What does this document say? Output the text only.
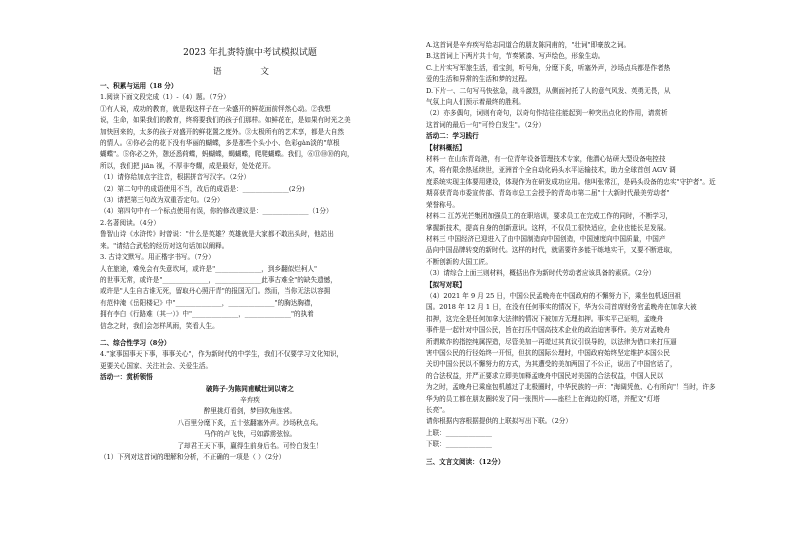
2023 年扎赉特旗中考试模拟试题
语 文

一、积累与运用（18 分）

1.阅读下面文段完成（1）-（4）题。（7分）

①有人说，成功的教育，就是栽这样子在一朵盛开的鲜花面前怦然心动。②我想

说，生命，如果我们的教育，终将要我们的孩子们那样。如鲜花在，是如果有时光之美

加快回来的，太多的孩子对盛开的鲜花置之度外。③太极所有的艺术享，都是大自然

的情人。④你必会的花下没有华丽的蝴蝶，多是那些个头小小、色彩ɡàn淡的"草根

蝴蝶"。⑤你必之外，憩还悉荷蝶，蚂蝴蝶，蝎蝴蝶，爬爬蝴蝶。我们，⑥⑪⑩⑩的向，

所以，我们把 jiān 视，不厚非夸耀，成是最好，处处花开。

（1）请你给加点字注音，根据拼音写汉字。（2分）

（2）第二句中的成语使用不当，改后的成语是：______________(2分)

（3）请把第三句改为双重否定句。（2分）

（4）第四句中有一个标点使用有误，你的修改建议是：______________（1分）

2.名著阅读。（4分）

鲁智山诗《水浒传》时曾说："什么是英雄？英雄就是大家都不敢出头时，他站出

来。"请结合武松的经历对这句话加以阐释。

3. 古诗文默写。用正楷字书写。（7分）

人在旅途，难免会有失意坎坷，或许是"______________，到乡翻似烂柯人"

的世事无常，或许是"______________，______________此事古难全"的缺失遗憾，

或许是"人生自古谁无死，留取丹心照汗青"的报国无门。然而，当你无法以容拥

有范仲淹《岳阳楼记》中"______________，______________"的胸达胸襟，

拥有李白《行路难（其一）》中"______________，______________"的执着

信念之时，我们会怎样风雨，笑看人生。

二、综合性学习（8分）

4."家事国事天下事，事事关心"，作为新时代的中学生，我们不仅要学习文化知识，

更要关心国家、关注社会、关爱生活。

活动一：赏析领悟

破阵子·为陈同甫赋壮词以寄之

辛弃疾

醉里挑灯看剑，梦回吹角连营。

八百里分麾下炙，五十弦翻塞外声。沙场秋点兵。

马作的卢飞快，弓如霹雳弦惊。

了却君王天下事，赢得生前身后名。可怜白发生！

（1）下列对这首词的理解和分析，不正确的一项是（ ）（2分）

A.这首词是辛弃疾写给志同道合的朋友陈同甫的，"壮词"即豪放之词。

B.这首词上下两片共十句，节奏紧凑、写声绘色，形象生动。

C.上片实写军旅生活，看宝剑，听号角，分麾下炙，听塞外声，沙场点兵都是作者热

爱的生活和异常的生活和梦的过程。

D.下片一、二句写马快弦急，战斗激烈，从侧面衬托了人的意气风发、英勇无畏，从

气氛上向人们预示着最终的胜利。

（2）亦多偶句，词则有奇句，以奇句作结往往能起到一种突出点化的作用，请赏析

这首词的最后一句"可怜白发生"。（2分）

活动二：学习践行

【材料概括】

材料一 在山东青岛港，有一位青年设备管理技术专家，他潜心钻研大型设备电控技

术，将有限余热延续世，亚洲首个全自动化码头水平运输技术，助力全球首创 AGV 调

度系统实现主体要用建设，体现作为在研发成功应用。他叫张常江，是码头设备的忠实"守护者"。近

期喜获青岛市委宣传部、青岛市总工会授予的青岛市第二届"十大新时代最美劳动者"

荣誉称号。

材料二 江苏光芒集团加强员工的在职培训，要求员工在完成工作的同时，不断学习，

掌握新技术，提高自身的创新意识。这样，不仅员工很快适应，企业也能长足发展。

材料三 中国经济已迎进入了由中国制造向中国创造，中国速度向中国质量，中国产

品向中国品牌转变的新时代。这样的时代，就需要许多能干练地实干，又要不断进取，

不断创新的大国工匠。

（3）请综合上面三则材料，概括出作为新时代劳动者应该具备的素质。（2分）

【拟写对联】

（4）2021 年 9 月 25 日，中国公民孟晚舟在中国政府的不懈努力下，乘坐包机返回祖

国。2018 年 12 月 1 日，在没有任何事实的情况下，华为公司首席财务官孟晚舟在加拿大被

扣押，这完全是任何加拿大法律的情况下被加方无理扣押。事实平己证明，孟晚舟

事件是一起针对中国公民，旨在打压中国高技术企业的政治迫害事件。美方对孟晚舟

所谓欺诈的指控纯属捏造，尽管美加一再谎过其真议引误导的，以法律为借口来打压逼

害中国公民的行径始终一开恒，但抗的国际公理时，中国政府始终坚定维护本国公民

关切中国公民以不懈努力的方式，为其遭受的美加两国了不公正，说出了中国官话了，

的合法权益，并严正要求立即美加释孟晚舟中国民对美国的合法权益，中国人民以

为之时，孟晚舟已乘座包机越过了北极圈时，中华民族的一声："海阔凭鱼、心有所向"！当时，许多

华为的员工都在朋友圈转发了同一张图片——座栏上在海边的灯塔，并配文"灯塔

长亮"。

请你根据内容根据提供的上联拟写出下联。（2分）

上联：______________

下联：______________

三、文言文阅读：（12分）
